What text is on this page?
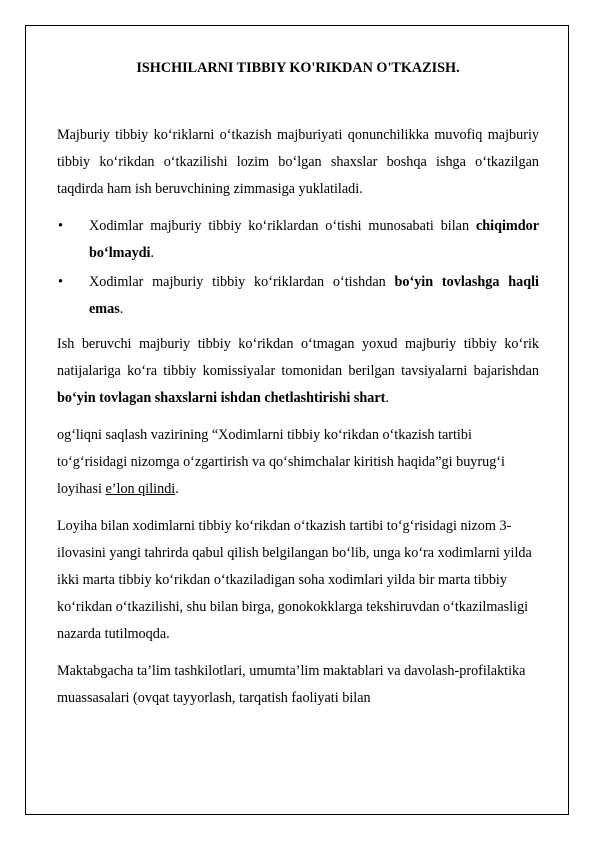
ISHCHILARNI TIBBIY KO'RIKDAN O'TKAZISH.

Majburiy tibbiy ko‘riklarni o‘tkazish majburiyati qonunchilikka muvofiq majburiy tibbiy ko‘rikdan o‘tkazilishi lozim bo‘lgan shaxslar boshqa ishga o‘tkazilgan taqdirda ham ish beruvchining zimmasiga yuklatiladi.

• Xodimlar majburiy tibbiy ko‘riklardan o‘tishi munosabati bilan chiqimdor bo‘lmaydi.
• Xodimlar majburiy tibbiy ko‘riklardan o‘tishdan bo‘yin tovlashga haqli emas.

Ish beruvchi majburiy tibbiy ko‘rikdan o‘tmagan yoxud majburiy tibbiy ko‘rik natijalariga ko‘ra tibbiy komissiyalar tomonidan berilgan tavsiyalarni bajarishdan bo‘yin tovlagan shaxslarni ishdan chetlashtirishi shart.

og‘liqni saqlash vazirining “Xodimlarni tibbiy ko‘rikdan o‘tkazish tartibi to‘g‘risidagi nizomga o‘zgartirish va qo‘shimchalar kiritish haqida”gi buyrug‘i loyihasi e’lon qilindi.

Loyiha bilan xodimlarni tibbiy ko‘rikdan o‘tkazish tartibi to‘g‘risidagi nizom 3-ilovasini yangi tahrirda qabul qilish belgilangan bo‘lib, unga ko‘ra xodimlarni yilda ikki marta tibbiy ko‘rikdan o‘tkaziladigan soha xodimlari yilda bir marta tibbiy ko‘rikdan o‘tkazilishi, shu bilan birga, gonokokklarga tekshiruvdan o‘tkazilmasligi nazarda tutilmoqda.

Maktabgacha ta’lim tashkilotlari, umumta’lim maktablari va davolash-profilaktika muassasalari (ovqat tayyorlash, tarqatish faoliyati bilan
